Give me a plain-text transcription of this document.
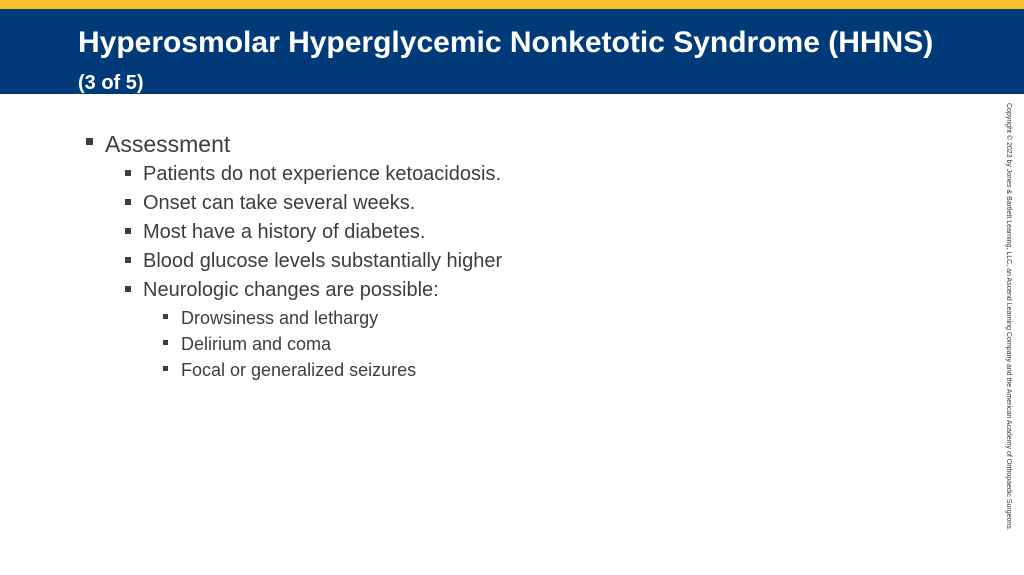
Hyperosmolar Hyperglycemic Nonketotic Syndrome (HHNS) (3 of 5)
Assessment
Patients do not experience ketoacidosis.
Onset can take several weeks.
Most have a history of diabetes.
Blood glucose levels substantially higher
Neurologic changes are possible:
Drowsiness and lethargy
Delirium and coma
Focal or generalized seizures	Copyright © 2023 by Jones & Bartlett Learning, LLC, an Ascend Learning Company and the American Academy of Orthopaedic Surgeons.
